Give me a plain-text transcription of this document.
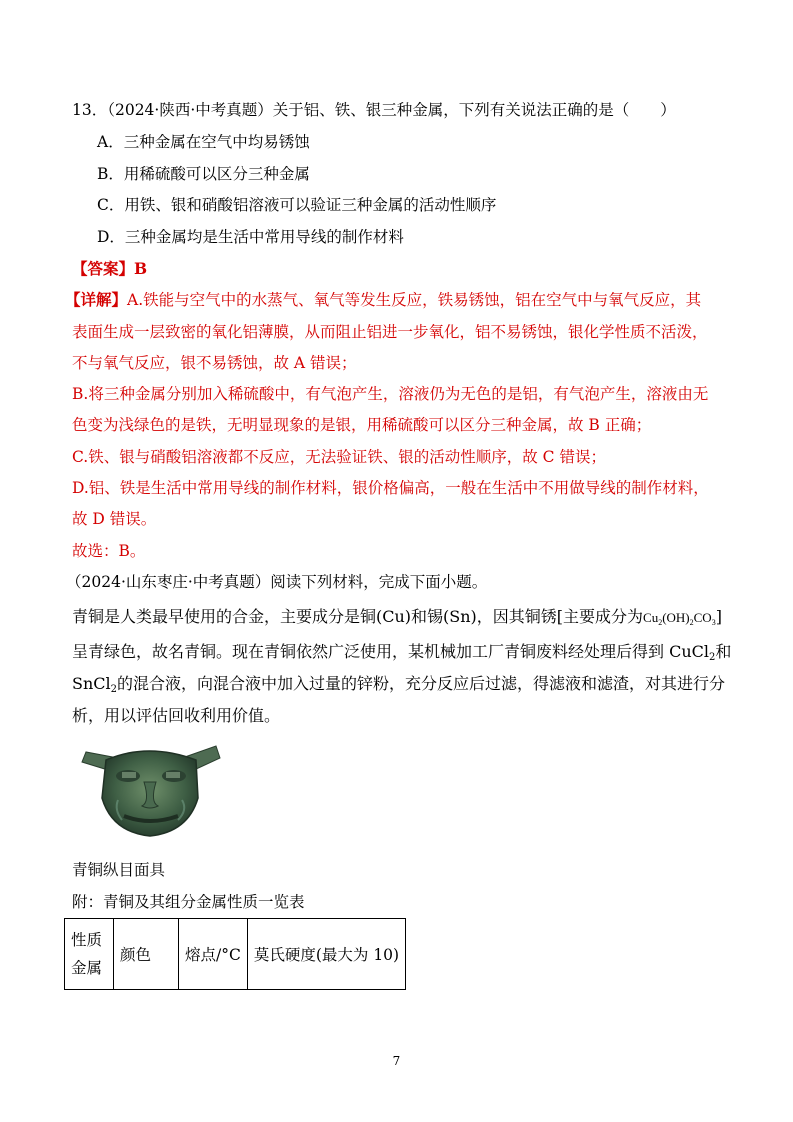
13．（2024·陕西·中考真题）关于铝、铁、银三种金属，下列有关说法正确的是（　　）
A．三种金属在空气中均易锈蚀
B．用稀硫酸可以区分三种金属
C．用铁、银和硝酸铝溶液可以验证三种金属的活动性顺序
D．三种金属均是生活中常用导线的制作材料
【答案】B
【详解】A.铁能与空气中的水蒸气、氧气等发生反应，铁易锈蚀，铝在空气中与氧气反应，其
表面生成一层致密的氧化铝薄膜，从而阻止铝进一步氧化，铝不易锈蚀，银化学性质不活泼，
不与氧气反应，银不易锈蚀，故 A 错误；
B.将三种金属分别加入稀硫酸中，有气泡产生，溶液仍为无色的是铝，有气泡产生，溶液由无
色变为浅绿色的是铁，无明显现象的是银，用稀硫酸可以区分三种金属，故 B 正确；
C.铁、银与硝酸铝溶液都不反应，无法验证铁、银的活动性顺序，故 C 错误；
D.铝、铁是生活中常用导线的制作材料，银价格偏高，一般在生活中不用做导线的制作材料，
故 D 错误。
故选：B。
（2024·山东枣庄·中考真题）阅读下列材料，完成下面小题。
青铜是人类最早使用的合金，主要成分是铜(Cu)和锡(Sn)，因其铜锈[主要成分为$Cu_2(OH)_2CO_3$]
呈青绿色，故名青铜。现在青铜依然广泛使用，某机械加工厂青铜废料经处理后得到 CuCl$_2$和
SnCl$_2$的混合液，向混合液中加入过量的锌粉，充分反应后过滤，得滤液和滤渣，对其进行分
析，用以评估回收利用价值。
青铜纵目面具
附：青铜及其组分金属性质一览表
性质
金属
	颜色	熔点/°C	莫氏硬度(最大为 10)
7
